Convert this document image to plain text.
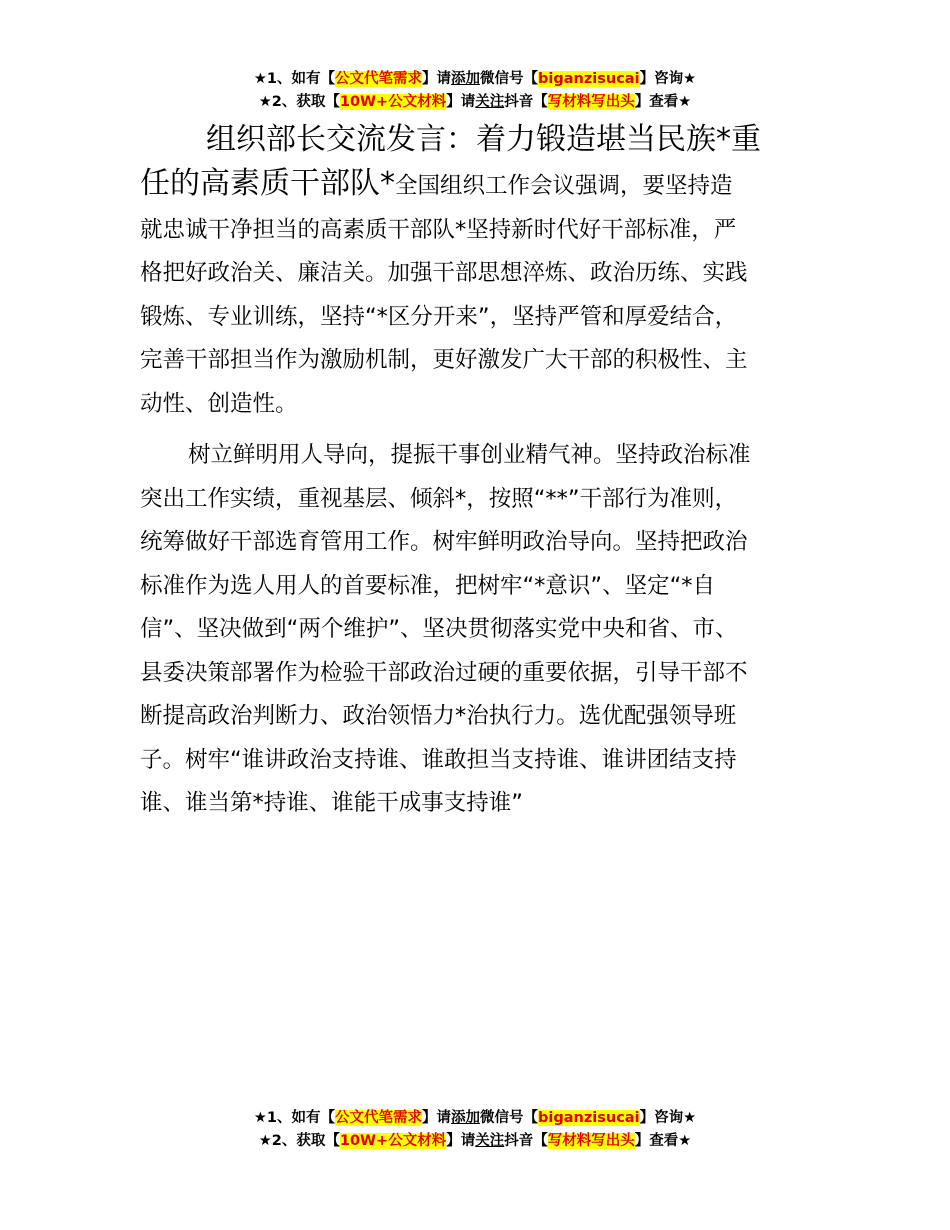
★1、如有【公文代笔需求】请添加微信号【biganzisucai】咨询★
★2、获取【10W+公文材料】请关注抖音【写材料写出头】查看★
组织部长交流发言：着力锻造堪当民族*重
任的高素质干部队*全国组织工作会议强调，要坚持造
就忠诚干净担当的高素质干部队*坚持新时代好干部标准，严
格把好政治关、廉洁关。加强干部思想淬炼、政治历练、实践
锻炼、专业训练，坚持“*区分开来”，坚持严管和厚爱结合，
完善干部担当作为激励机制，更好激发广大干部的积极性、主
动性、创造性。
树立鲜明用人导向，提振干事创业精气神。坚持政治标准
突出工作实绩，重视基层、倾斜*，按照“**”干部行为准则，
统筹做好干部选育管用工作。树牢鲜明政治导向。坚持把政治
标准作为选人用人的首要标准，把树牢“*意识”、坚定“*自
信”、坚决做到“两个维护”、坚决贯彻落实党中央和省、市、
县委决策部署作为检验干部政治过硬的重要依据，引导干部不
断提高政治判断力、政治领悟力*治执行力。选优配强领导班
子。树牢“谁讲政治支持谁、谁敢担当支持谁、谁讲团结支持
谁、谁当第*持谁、谁能干成事支持谁”
★1、如有【公文代笔需求】请添加微信号【biganzisucai】咨询★
★2、获取【10W+公文材料】请关注抖音【写材料写出头】查看★
